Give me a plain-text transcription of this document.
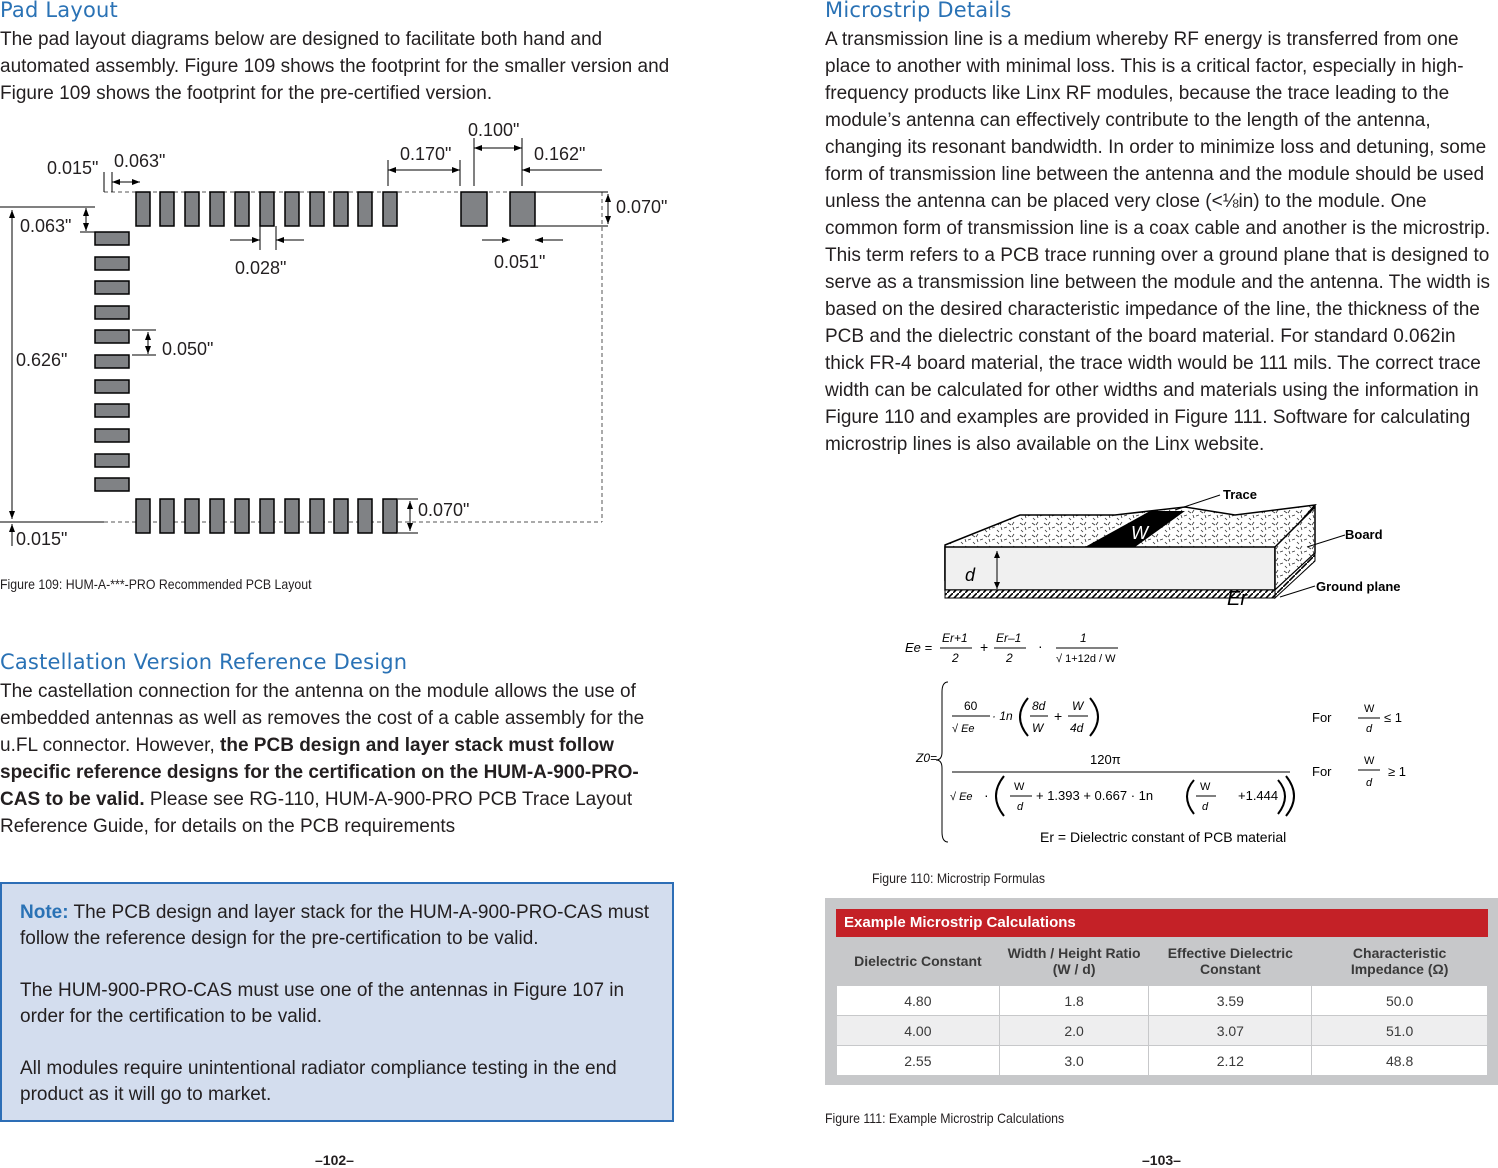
Pad Layout

The pad layout diagrams below are designed to facilitate both hand and automated assembly. Figure 109 shows the footprint for the smaller version and Figure 109 shows the footprint for the pre-certified version.

0.015" 0.063"	0.170"
0.100"
0.162"
0.070"
0.063"
0.028"	0.051"
0.050"
0.626"
0.070"
0.015"
Figure 109: HUM-A-***-PRO Recommended PCB Layout
Castellation Version Reference Design

The castellation connection for the antenna on the module allows the use of embedded antennas as well as removes the cost of a cable assembly for the u.FL connector. However, the PCB design and layer stack must follow specific reference designs for the certification on the HUM-A-900-PRO-CAS to be valid. Please see RG-110, HUM-A-900-PRO PCB Trace Layout Reference Guide, for details on the PCB requirements

Note: The PCB design and layer stack for the HUM-A-900-PRO-CAS must follow the reference design for the pre-certification to be valid.

The HUM-900-PRO-CAS must use one of the antennas in Figure 107 in order for the certification to be valid.

All modules require unintentional radiator compliance testing in the end product as it will go to market.

–102–
Microstrip Details

A transmission line is a medium whereby RF energy is transferred from one place to another with minimal loss. This is a critical factor, especially in high-frequency products like Linx RF modules, because the trace leading to the module’s antenna can effectively contribute to the length of the antenna, changing its resonant bandwidth. In order to minimize loss and detuning, some form of transmission line between the antenna and the module should be used unless the antenna can be placed very close (<⅛in) to the module. One common form of transmission line is a coax cable and another is the microstrip. This term refers to a PCB trace running over a ground plane that is designed to serve as a transmission line between the module and the antenna. The width is based on the desired characteristic impedance of the line, the thickness of the PCB and the dielectric constant of the board material. For standard 0.062in thick FR-4 board material, the trace width would be 111 mils. The correct trace width can be calculated for other widths and materials using the information in Figure 110 and examples are provided in Figure 111. Software for calculating microstrip lines is also available on the Linx website.

Trace
Board
Ground plane
W
d
Er
Ee =
Er+1
2
+
Er–1
2
·	1
√ 1+12d / W
Z0=
60
√ Ee
· 1n
8d
W
+
W
4d
For
W
d
≤ 1
120π
√ Ee · W
d
+ 1.393 + 0.667 · 1n
W
d
+1.444
For
W
d
≥ 1
Er = Dielectric constant of PCB material
Figure 110: Microstrip Formulas
Example Microstrip Calculations
Dielectric Constant	Width / Height Ratio (W / d)	Effective Dielectric Constant	Characteristic Impedance (Ω)
4.80	1.8	3.59	50.0
4.00	2.0	3.07	51.0
2.55	3.0	2.12	48.8
Figure 111: Example Microstrip Calculations
–103–
